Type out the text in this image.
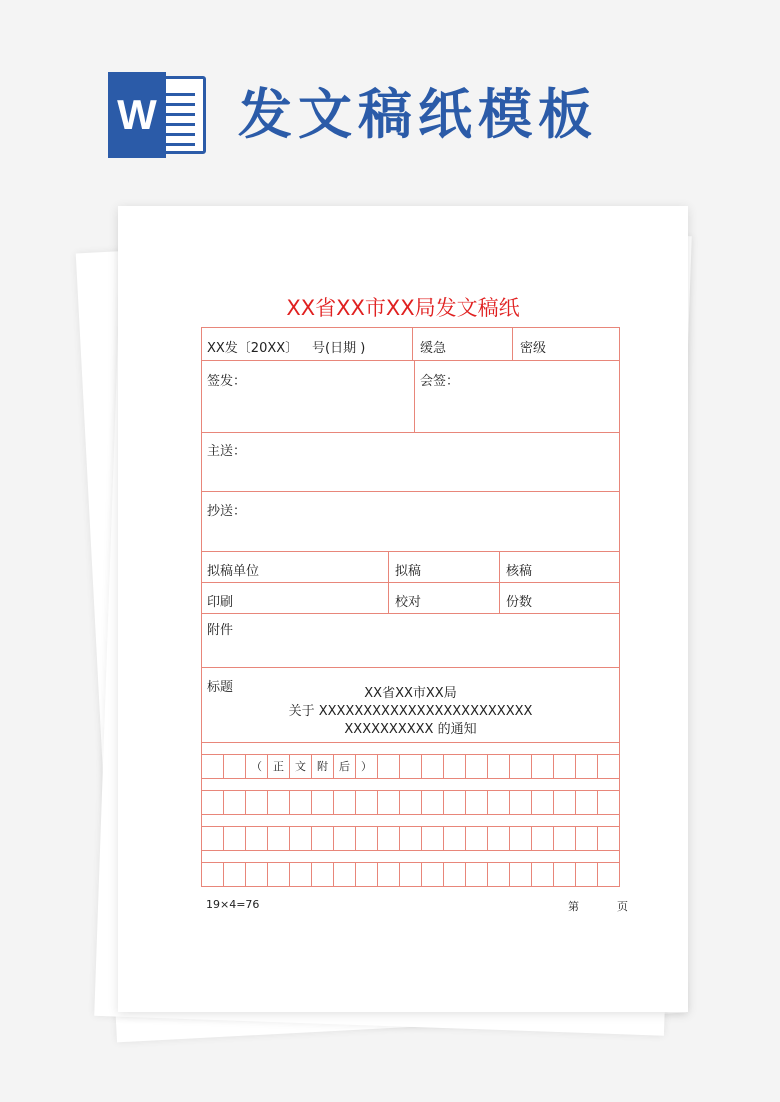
W 发文稿纸模板
XX省XX市XX局发文稿纸
XX发〔20XX〕 号(日期 )	缓急	密级
签发：	会签：
主送：
抄送：
拟稿单位	拟稿	核稿
印刷	校对	份数
附件
标题	XX省XX市XX局
关于 XXXXXXXXXXXXXXXXXXXXXXXX
XXXXXXXXXX 的通知
（	正	文	附	后	）
19×4=76	第	页
